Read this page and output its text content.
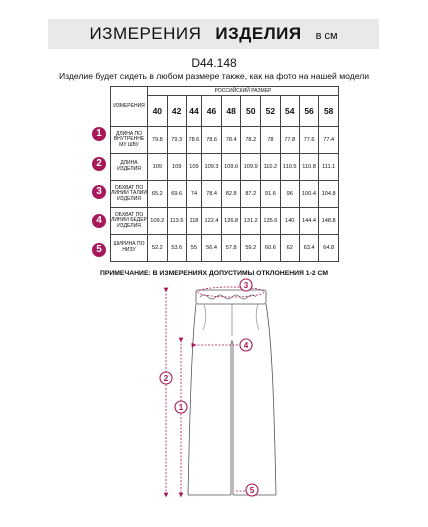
ИЗМЕРЕНИЯ ИЗДЕЛИЯ в см
D44.148
Изделие будет сидеть в любом размере также, как на фото на нашей модели
ИЗМЕРЕНИЯ	РОССИЙСКИЙ РАЗМЕР									
	40	42	44	46	48	50	52	54	56	58
ДЛИНА ПО ВНУТРЕННЕ МУ ШВУ	79.8	79.3	78.6	78.6	78.4	78.2	78	77.8	77.6	77.4
ДЛИНА ИЗДЕЛИЯ	109	109	109	109.3	109.6	109.9	110.2	110.5	110.8	111.1
ОБХВАТ ПО ЛИНИИ ТАЛИИ ИЗДЕЛИЯ	65.2	69.6	74	78.4	82.8	87.2	91.6	96	100.4	104.8
ОБХВАТ ПО ЛИНИИ БЕДЕР ИЗДЕЛИЯ	109.2	113.6	118	122.4	126.8	131.2	135.6	140	144.4	148.8
ШИРИНА ПО НИЗУ	52.2	53.6	55	56.4	57.8	59.2	60.6	62	63.4	64.8
1
2
3
4
5
ПРИМЕЧАНИЕ: В ИЗМЕРЕНИЯХ ДОПУСТИМЫ ОТКЛОНЕНИЯ 1-2 СМ
3
4
2
1
5
